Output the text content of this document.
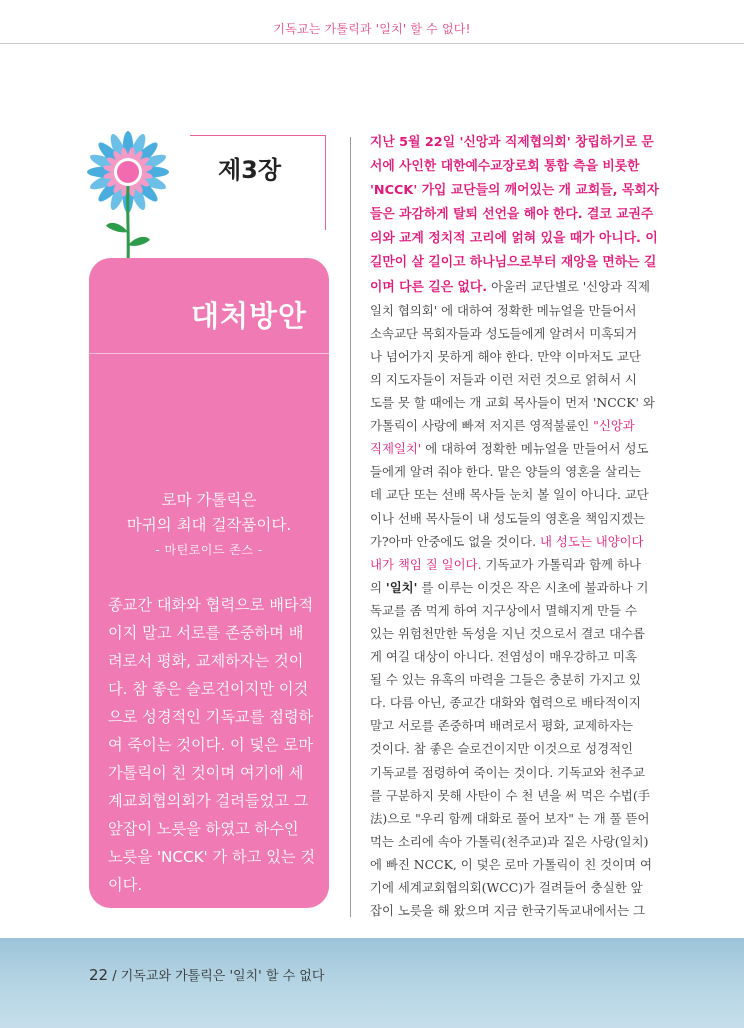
기독교는 가톨릭과 '일치' 할 수 없다!
제3장
대처방안
로마 가톨릭은
마귀의 최대 걸작품이다.
- 마틴로이드 존스 -
종교간 대화와 협력으로 배타적
이지 말고 서로를 존중하며 배
려로서 평화, 교제하자는 것이
다. 참 좋은 슬로건이지만 이것
으로 성경적인 기독교를 점령하
여 죽이는 것이다. 이 덫은 로마
가톨릭이 친 것이며 여기에 세
계교회협의회가 걸려들었고 그
앞잡이 노릇을 하였고 하수인
노릇을 'NCCK' 가 하고 있는 것
이다.
지난 5월 22일 '신앙과 직제협의회' 창립하기로 문
서에 사인한 대한예수교장로회 통합 측을 비롯한
'NCCK' 가입 교단들의 깨어있는 개 교회들, 목회자
들은 과감하게 탈퇴 선언을 해야 한다. 결코 교권주
의와 교계 정치적 고리에 얽혀 있을 때가 아니다. 이
길만이 살 길이고 하나님으로부터 재앙을 면하는 길
이며 다른 길은 없다. 아울러 교단별로 '신앙과 직제
일치 협의회' 에 대하여 정확한 메뉴얼을 만들어서
소속교단 목회자들과 성도들에게 알려서 미혹되거
나 넘어가지 못하게 해야 한다. 만약 이마저도 교단
의 지도자들이 저들과 이런 저런 것으로 얽혀서 시
도를 못 할 때에는 개 교회 목사들이 먼저 'NCCK' 와
가톨릭이 사랑에 빠져 저지른 영적불륜인 "신앙과
직제일치' 에 대하여 정확한 메뉴얼을 만들어서 성도
들에게 알려 줘야 한다. 맡은 양들의 영혼을 살리는
데 교단 또는 선배 목사들 눈치 볼 일이 아니다. 교단
이나 선배 목사들이 내 성도들의 영혼을 책임지겠는
가?아마 안중에도 없을 것이다. 내 성도는 내양이다
내가 책임 질 일이다. 기독교가 가톨릭과 함께 하나
의 '일치' 를 이루는 이것은 작은 시초에 불과하나 기
독교를 좀 먹게 하여 지구상에서 멸해지게 만들 수
있는 위험천만한 독성을 지닌 것으로서 결코 대수롭
게 여길 대상이 아니다. 전염성이 매우강하고 미혹
될 수 있는 유혹의 마력을 그들은 충분히 가지고 있
다. 다름 아닌, 종교간 대화와 협력으로 배타적이지
말고 서로를 존중하며 배려로서 평화, 교제하자는
것이다. 참 좋은 슬로건이지만 이것으로 성경적인
기독교를 점령하여 죽이는 것이다. 기독교와 천주교
를 구분하지 못해 사탄이 수 천 년을 써 먹은 수법(手
法)으로 "우리 함께 대화로 풀어 보자" 는 개 풀 뜯어
먹는 소리에 속아 가톨릭(천주교)과 짙은 사랑(일치)
에 빠진 NCCK, 이 덫은 로마 가톨릭이 친 것이며 여
기에 세계교회협의회(WCC)가 걸려들어 충실한 앞
잡이 노릇을 해 왔으며 지금 한국기독교내에서는 그
22 / 기독교와 가톨릭은 '일치' 할 수 없다
